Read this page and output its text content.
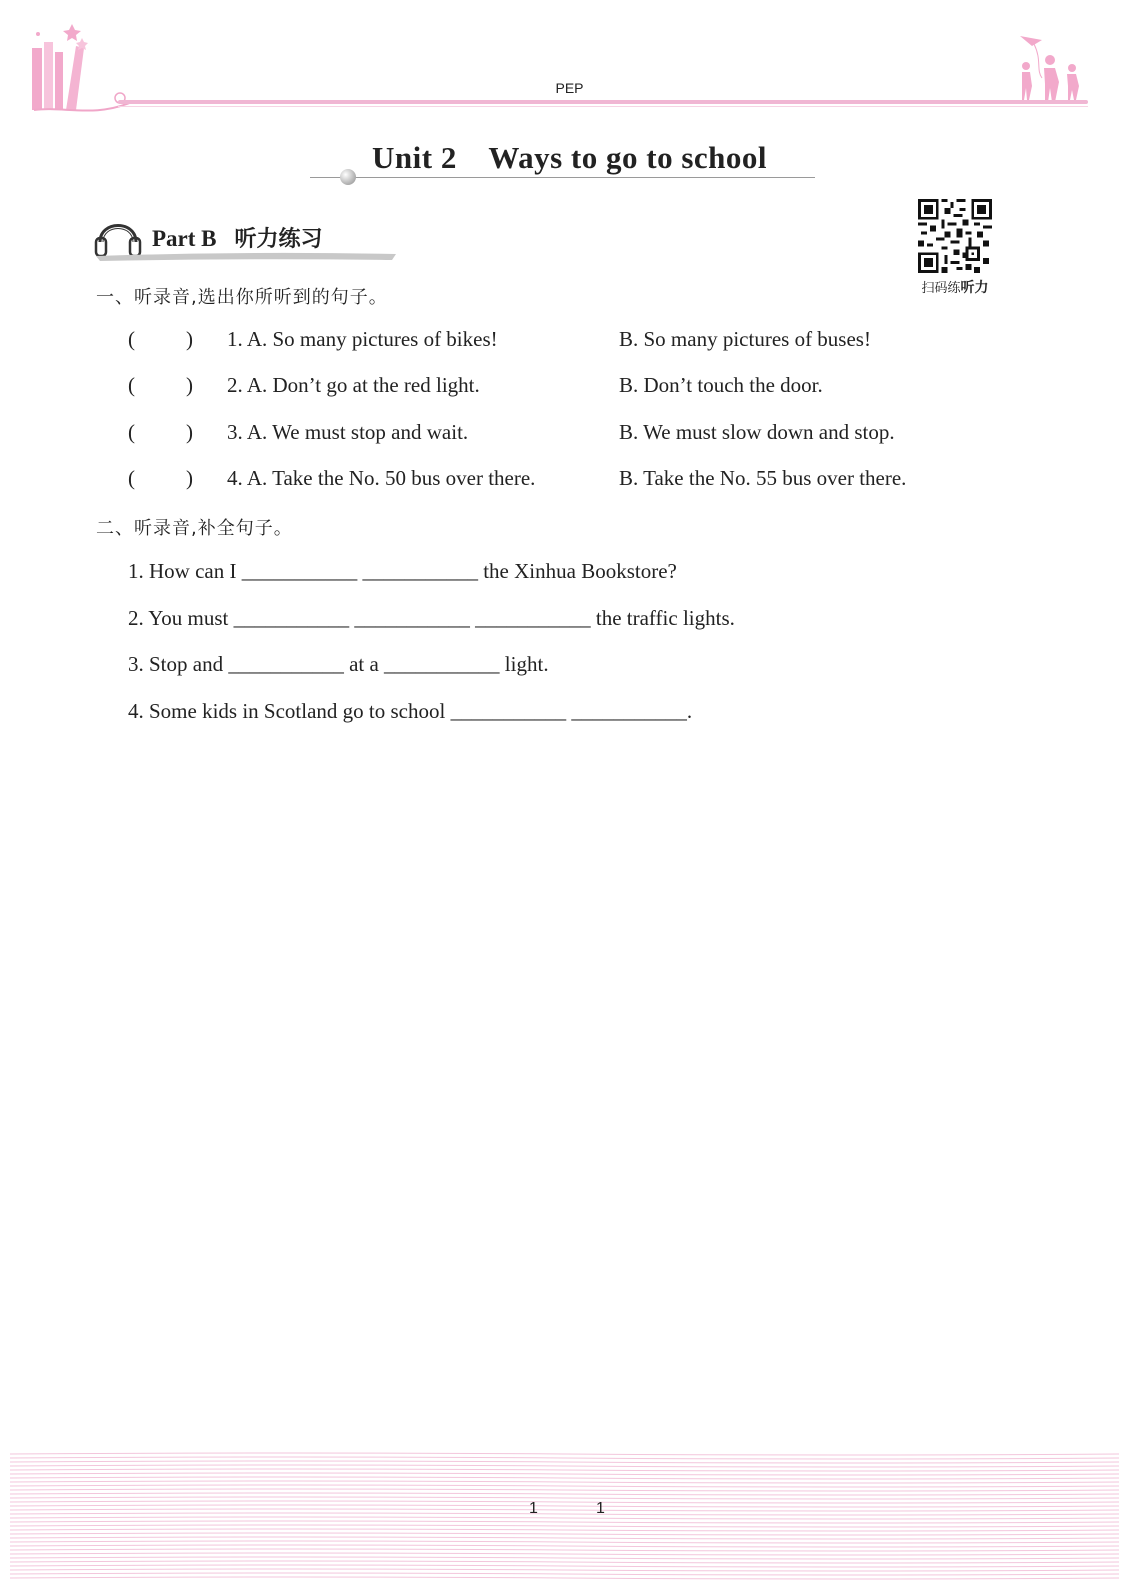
PEP
Unit 2 Ways to go to school
Part B 听力练习
扫码练听力
一、听录音,选出你所听到的句子。
( ) 1. A. So many pictures of bikes!	B. So many pictures of buses!
( ) 2. A. Don’t go at the red light.	B. Don’t touch the door.
( ) 3. A. We must stop and wait.	B. We must slow down and stop.
( ) 4. A. Take the No. 50 bus over there.	B. Take the No. 55 bus over there.
二、听录音,补全句子。
1. How can I ___________ ___________ the Xinhua Bookstore?
2. You must ___________ ___________ ___________ the traffic lights.
3. Stop and ___________ at a ___________ light.
4. Some kids in Scotland go to school ___________ ___________.
1	1
